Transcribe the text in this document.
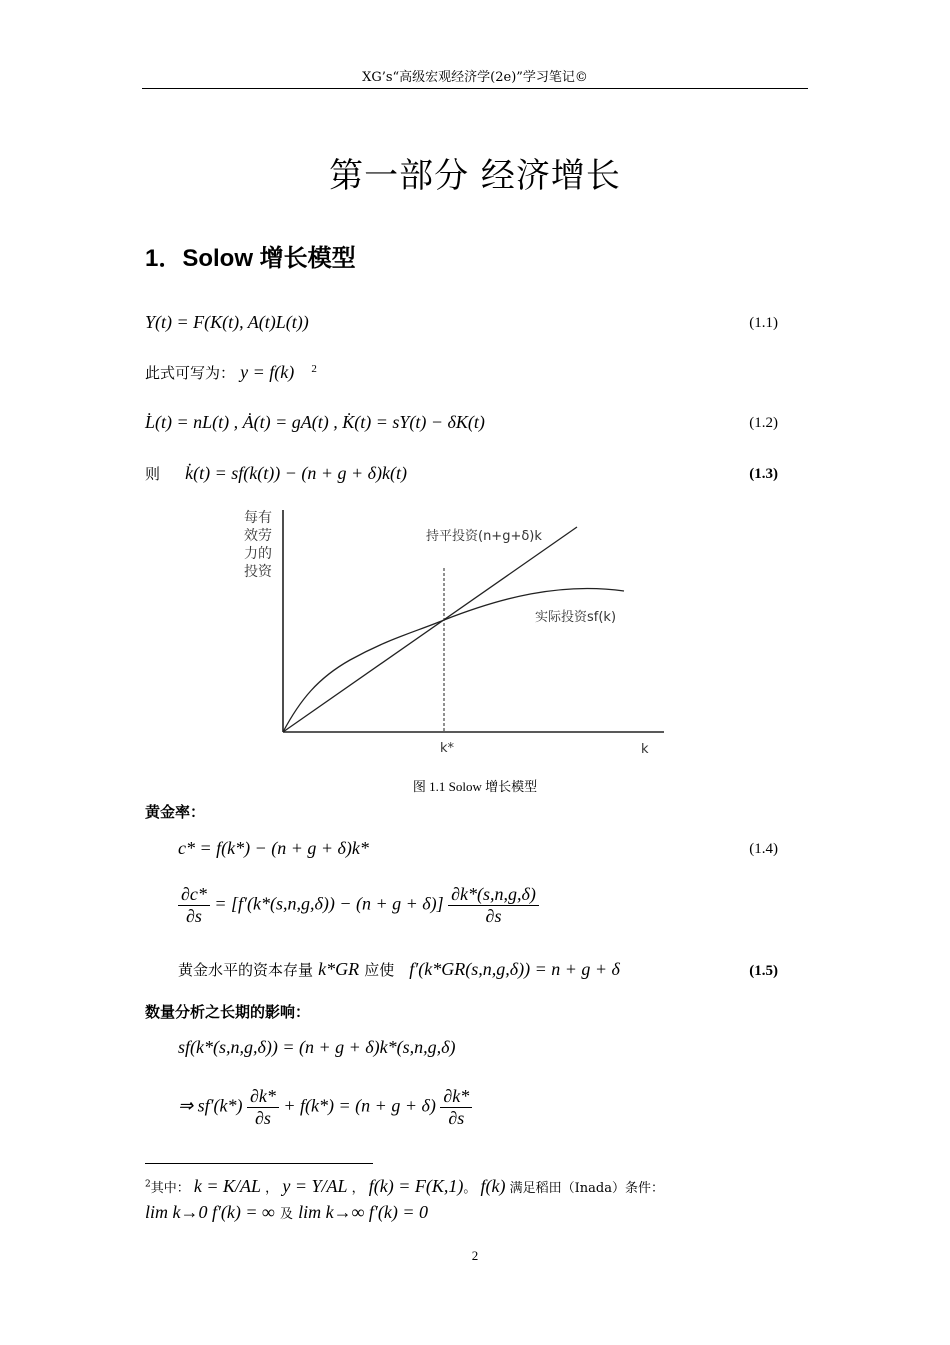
XG’s“高级宏观经济学(2e)”学习笔记©
第一部分 经济增长
1．Solow 增长模型
Y(t) = F(K(t), A(t)L(t))	(1.1)
此式可写为： y = f(k) $^2$
L̇(t) = nL(t) , Ȧ(t) = gA(t) , K̇(t) = sY(t) − δK(t)	(1.2)
则 k̇(t) = sf(k(t)) − (n + g + δ)k(t)	(1.3)
每有
效劳
力的
投资
持平投资(n+g+δ)k
实际投资sf(k)
k*	k
图 1.1 Solow 增长模型
黄金率：
c* = f(k*) − (n + g + δ)k*	(1.4)
$\frac{\partial c*}{\partial s} = [f'(k*(s,n,g,\delta)) - (n + g + \delta)] \frac{\partial k*(s,n,g,\delta)}{\partial s}$
黄金水平的资本存量 k*GR 应使 f′(k*GR(s,n,g,δ)) = n + g + δ	(1.5)
数量分析之长期的影响：
sf(k*(s,n,g,δ)) = (n + g + δ)k*(s,n,g,δ)
⇒ $sf'(k*) \frac{\partial k*}{\partial s} + f(k*) = (n + g + \delta) \frac{\partial k*}{\partial s}$
$^2$其中： k = K/AL ， y = Y/AL ， f(k) = F(K,1)。 f(k) 满足稻田（Inada）条件：
lim k→0 f′(k) = ∞ 及 lim k→∞ f′(k) = 0
2
